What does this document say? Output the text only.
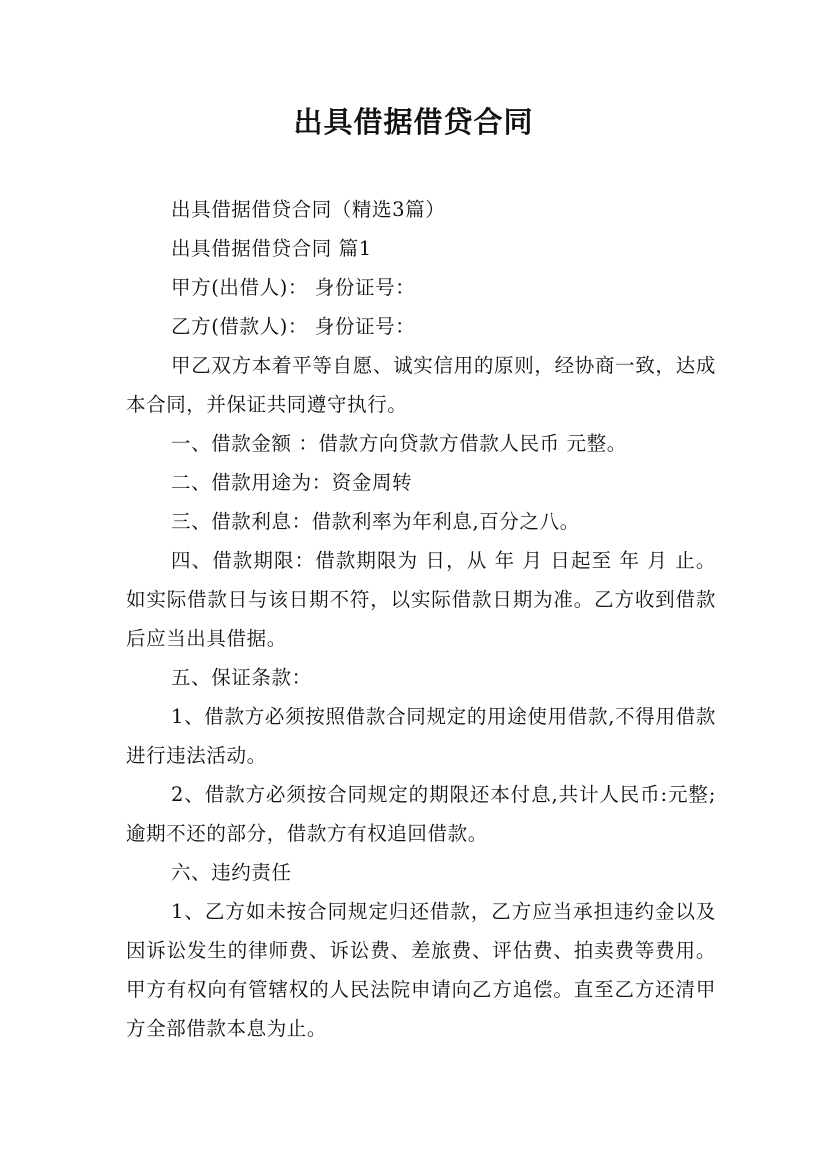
出具借据借贷合同

出具借据借贷合同（精选3篇）

出具借据借贷合同 篇1

甲方(出借人)： 身份证号：

乙方(借款人)： 身份证号：

甲乙双方本着平等自愿、诚实信用的原则，经协商一致，达成本合同，并保证共同遵守执行。

一、借款金额 ：借款方向贷款方借款人民币 元整。

二、借款用途为：资金周转

三、借款利息：借款利率为年利息,百分之八。

四、借款期限：借款期限为 日，从 年 月 日起至 年 月 止。如实际借款日与该日期不符，以实际借款日期为准。乙方收到借款后应当出具借据。

五、保证条款：

1、借款方必须按照借款合同规定的用途使用借款,不得用借款进行违法活动。

2、借款方必须按合同规定的期限还本付息,共计人民币:元整;逾期不还的部分，借款方有权追回借款。

六、违约责任

1、乙方如未按合同规定归还借款，乙方应当承担违约金以及因诉讼发生的律师费、诉讼费、差旅费、评估费、拍卖费等费用。甲方有权向有管辖权的人民法院申请向乙方追偿。直至乙方还清甲方全部借款本息为止。
